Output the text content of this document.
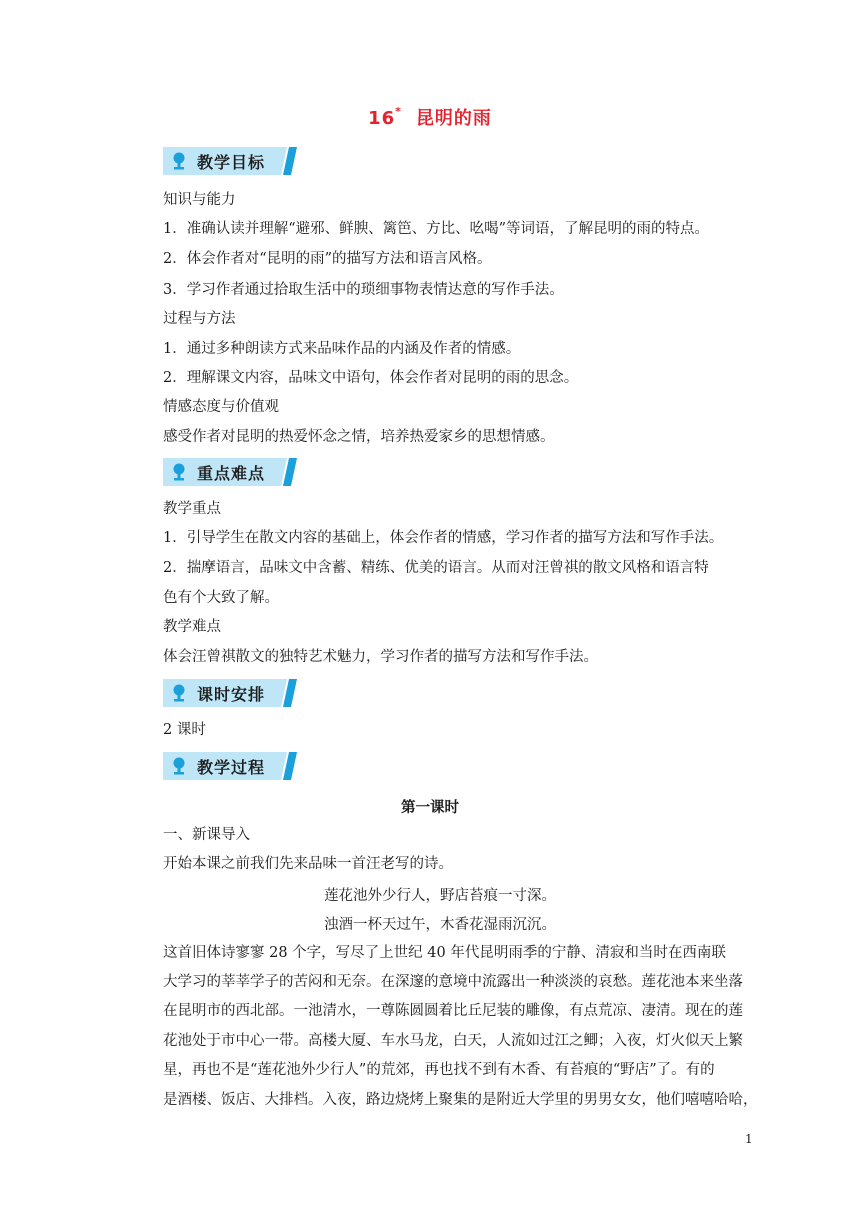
16* 昆明的雨
教学目标
知识与能力
1．准确认读并理解“避邪、鲜腴、篱笆、方比、吆喝”等词语，了解昆明的雨的特点。
2．体会作者对“昆明的雨”的描写方法和语言风格。
3．学习作者通过拾取生活中的琐细事物表情达意的写作手法。
过程与方法
1．通过多种朗读方式来品味作品的内涵及作者的情感。
2．理解课文内容，品味文中语句，体会作者对昆明的雨的思念。
情感态度与价值观
感受作者对昆明的热爱怀念之情，培养热爱家乡的思想情感。
重点难点
教学重点
1．引导学生在散文内容的基础上，体会作者的情感，学习作者的描写方法和写作手法。
2．揣摩语言，品味文中含蓄、精练、优美的语言。从而对汪曾祺的散文风格和语言特
色有个大致了解。
教学难点
体会汪曾祺散文的独特艺术魅力，学习作者的描写方法和写作手法。
课时安排
2 课时
教学过程
第一课时
一、新课导入
开始本课之前我们先来品味一首汪老写的诗。
莲花池外少行人，野店苔痕一寸深。
浊酒一杯天过午，木香花湿雨沉沉。
这首旧体诗寥寥 28 个字，写尽了上世纪 40 年代昆明雨季的宁静、清寂和当时在西南联
大学习的莘莘学子的苦闷和无奈。在深邃的意境中流露出一种淡淡的哀愁。莲花池本来坐落
在昆明市的西北部。一池清水，一尊陈圆圆着比丘尼装的雕像，有点荒凉、凄清。现在的莲
花池处于市中心一带。高楼大厦、车水马龙，白天，人流如过江之鲫；入夜，灯火似天上繁
星，再也不是“莲花池外少行人”的荒郊，再也找不到有木香、有苔痕的“野店”了。有的
是酒楼、饭店、大排档。入夜，路边烧烤上聚集的是附近大学里的男男女女，他们嘻嘻哈哈，
1
